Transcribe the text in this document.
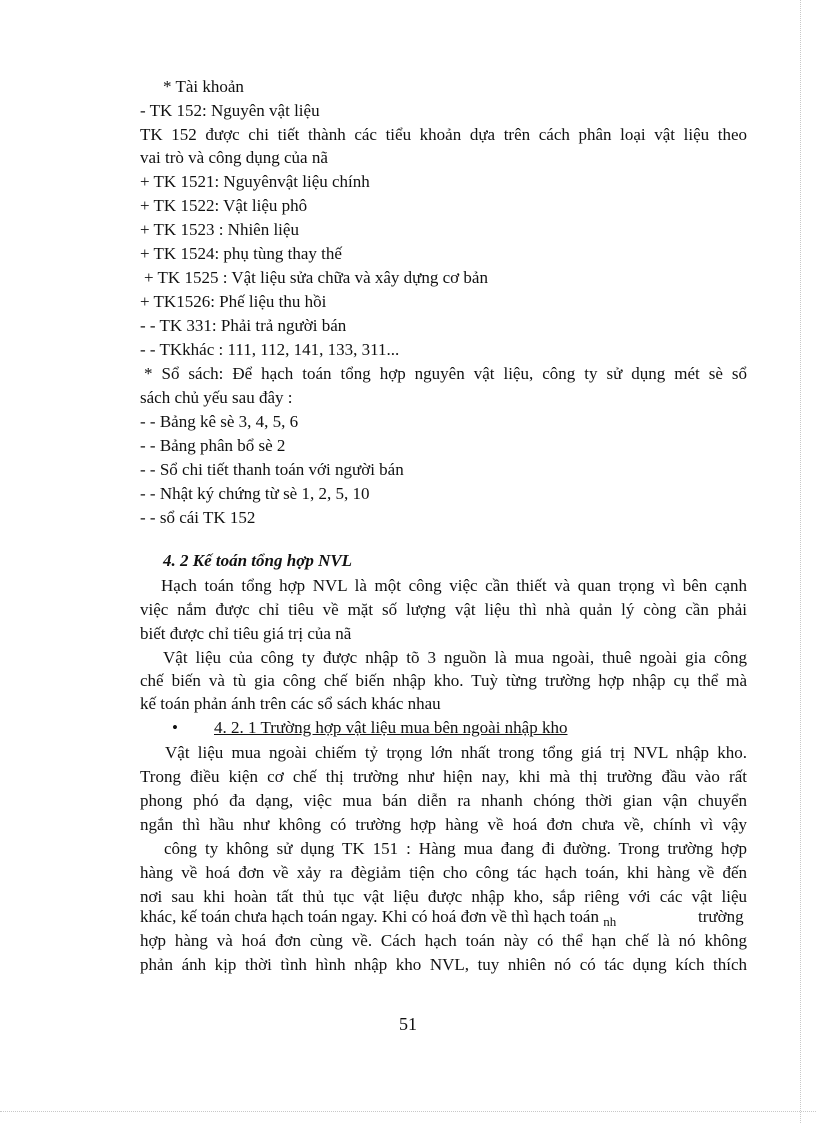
* Tài khoản
- TK 152: Nguyên vật liệu
TK 152 được chi tiết thành các tiểu khoản dựa trên cách phân loại vật liệu theo
vai trò và công dụng của nã
+ TK 1521: Nguyênvật liệu chính
+ TK 1522: Vật liệu phô
+ TK 1523 : Nhiên liệu
+ TK 1524: phụ tùng thay thế
+ TK 1525 : Vật liệu sửa chữa và xây dựng cơ bản
+ TK1526: Phế liệu thu hồi
- - TK 331: Phải trả người bán
- - TKkhác : 111, 112, 141, 133, 311...
* Sổ sách: Để hạch toán tổng hợp nguyên vật liệu, công ty sử dụng mét sè sổ
sách chủ yếu sau đây :
- - Bảng kê sè 3, 4, 5, 6
- - Bảng phân bổ sè 2
- - Sổ chi tiết thanh toán với người bán
- - Nhật ký chứng từ sè 1, 2, 5, 10
- - sổ cái TK 152
4. 2 Kế toán tổng hợp NVL
Hạch toán tổng hợp NVL là một công việc cần thiết và quan trọng vì bên cạnh
việc nắm được chỉ tiêu về mặt số lượng vật liệu thì nhà quản lý còng cần phải
biết được chỉ tiêu giá trị của nã
Vật liệu của công ty được nhập tõ 3 nguồn là mua ngoài, thuê ngoài gia công
chế biến và tù gia công chế biến nhập kho. Tuỳ từng trường hợp nhập cụ thể mà
kế toán phản ánh trên các sổ sách khác nhau
• 4. 2. 1 Trường hợp vật liệu mua bên ngoài nhập kho
Vật liệu mua ngoài chiếm tỷ trọng lớn nhất trong tổng giá trị NVL nhập kho.
Trong điều kiện cơ chế thị trường như hiện nay, khi mà thị trường đầu vào rất
phong phó đa dạng, việc mua bán diễn ra nhanh chóng thời gian vận chuyển
ngắn thì hầu như không có trường hợp hàng về hoá đơn chưa về, chính vì vậy
công ty không sử dụng TK 151 : Hàng mua đang đi đường. Trong trường hợp
hàng về hoá đơn về xảy ra đègiảm tiện cho công tác hạch toán, khi hàng về đến
nơi sau khi hoàn tất thủ tục vật liệu được nhập kho, sắp riêng với các vật liệu
khác, kế toán chưa hạch toán ngay. Khi có hoá đơn về thì hạch toán $_{nh}$	trường
hợp hàng và hoá đơn cùng về. Cách hạch toán này có thể hạn chế là nó không
phản ánh kịp thời tình hình nhập kho NVL, tuy nhiên nó có tác dụng kích thích
51
